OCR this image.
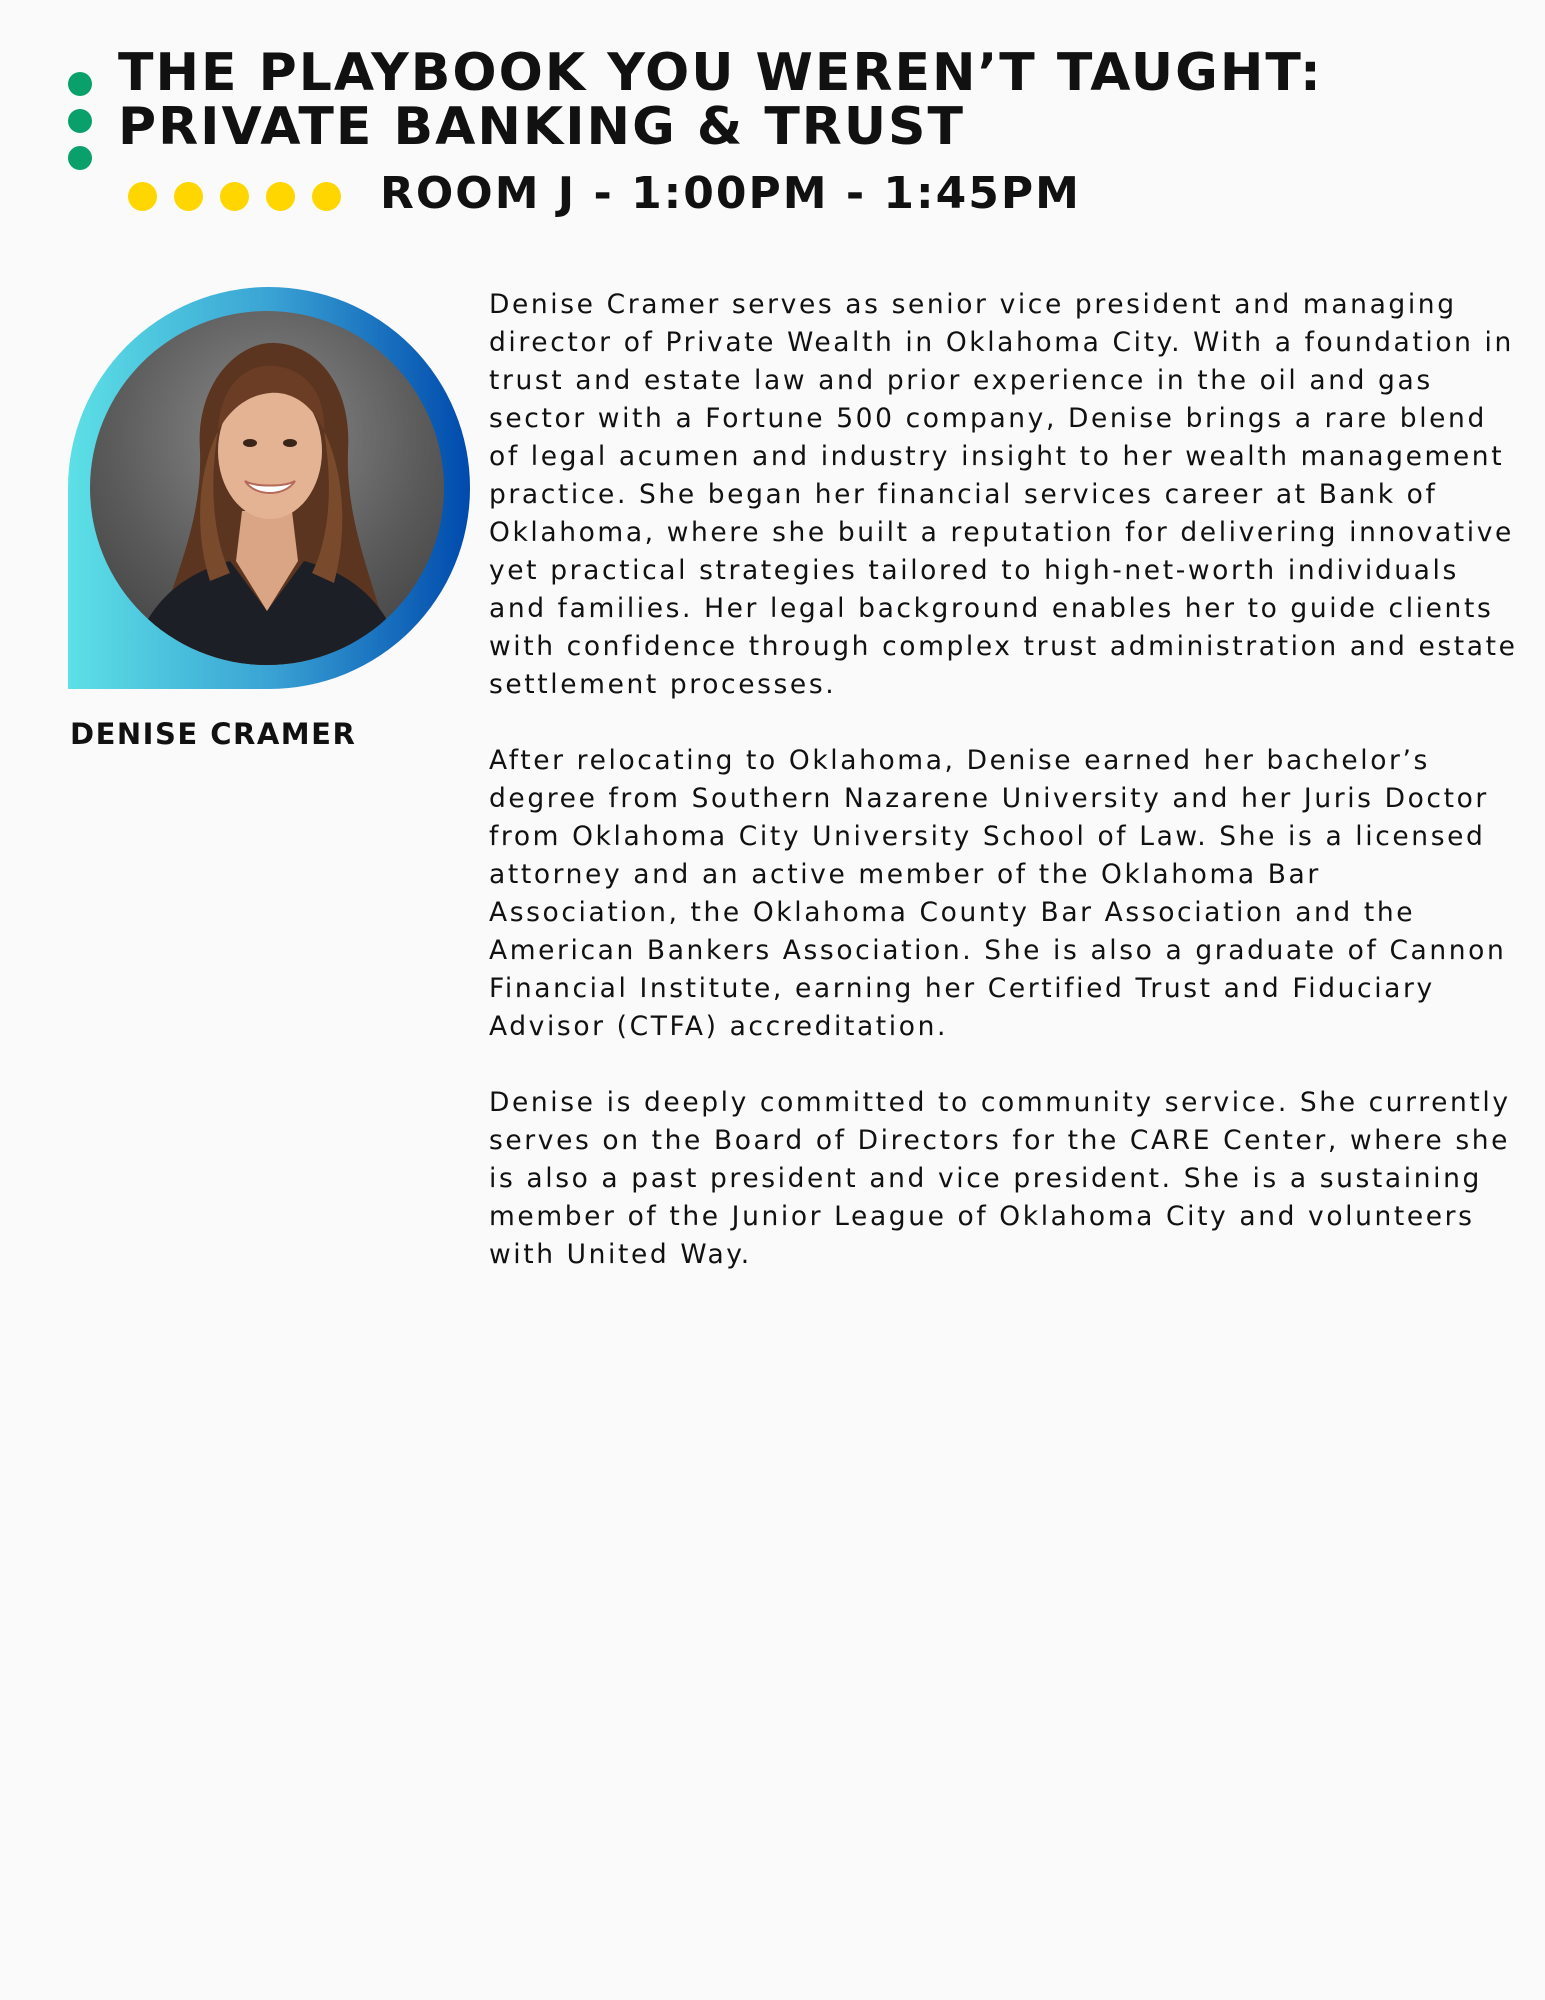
THE PLAYBOOK YOU WEREN’T TAUGHT:
PRIVATE BANKING & TRUST
ROOM J - 1:00PM - 1:45PM
DENISE CRAMER

Denise Cramer serves as senior vice president and managing director of Private Wealth in Oklahoma City. With a foundation in trust and estate law and prior experience in the oil and gas sector with a Fortune 500 company, Denise brings a rare blend of legal acumen and industry insight to her wealth management practice. She began her financial services career at Bank of Oklahoma, where she built a reputation for delivering innovative yet practical strategies tailored to high-net-worth individuals and families. Her legal background enables her to guide clients with confidence through complex trust administration and estate settlement processes.

After relocating to Oklahoma, Denise earned her bachelor’s degree from Southern Nazarene University and her Juris Doctor from Oklahoma City University School of Law. She is a licensed attorney and an active member of the Oklahoma Bar Association, the Oklahoma County Bar Association and the American Bankers Association. She is also a graduate of Cannon Financial Institute, earning her Certified Trust and Fiduciary Advisor (CTFA) accreditation.

Denise is deeply committed to community service. She currently serves on the Board of Directors for the CARE Center, where she is also a past president and vice president. She is a sustaining member of the Junior League of Oklahoma City and volunteers with United Way.
